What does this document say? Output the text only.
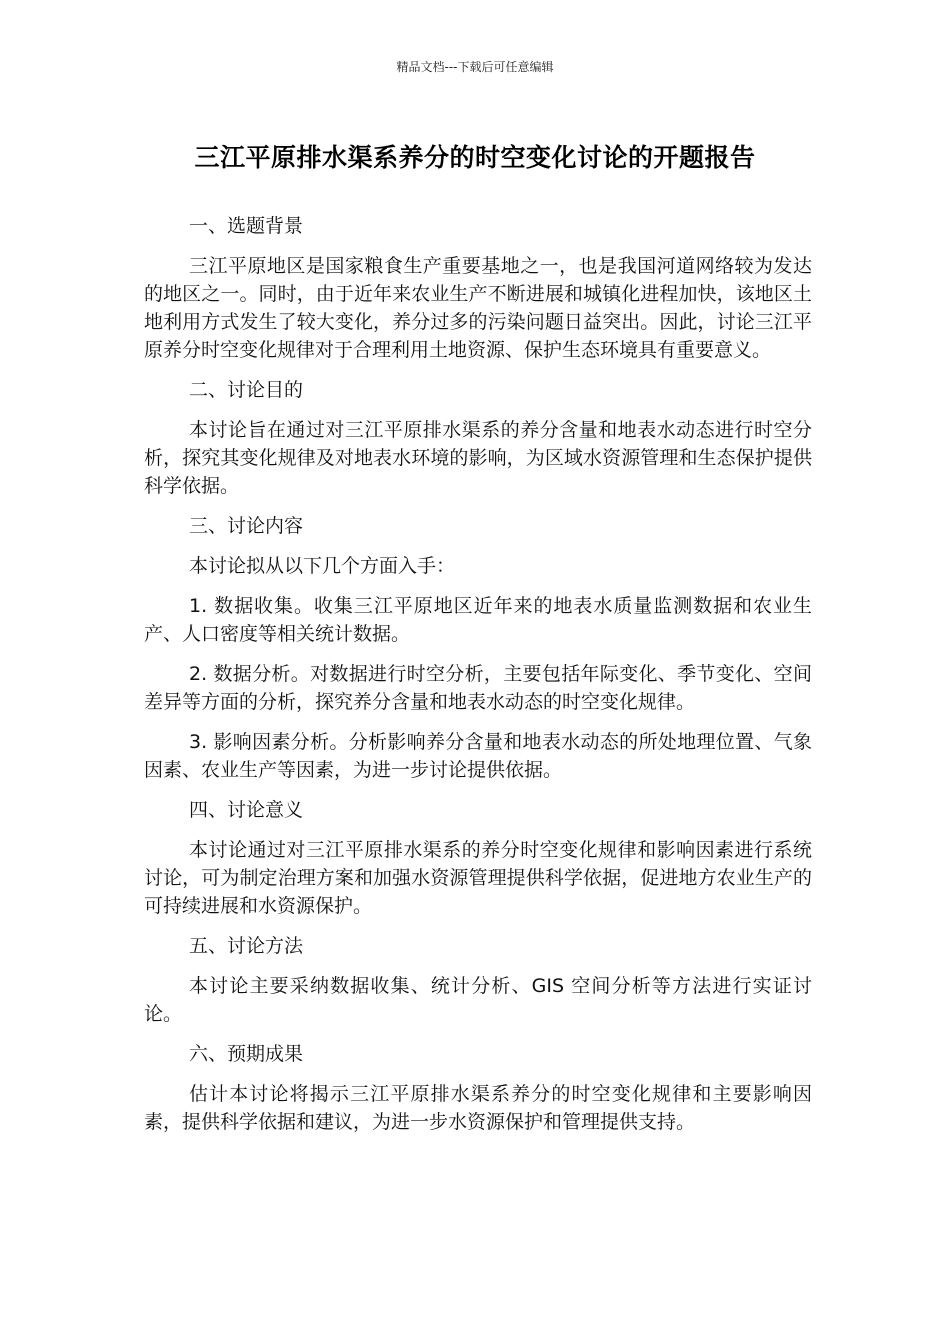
精品文档---下载后可任意编辑
三江平原排水渠系养分的时空变化讨论的开题报告

一、选题背景

三江平原地区是国家粮食生产重要基地之一，也是我国河道网络较为发达的地区之一。同时，由于近年来农业生产不断进展和城镇化进程加快，该地区土地利用方式发生了较大变化，养分过多的污染问题日益突出。因此，讨论三江平原养分时空变化规律对于合理利用土地资源、保护生态环境具有重要意义。

二、讨论目的

本讨论旨在通过对三江平原排水渠系的养分含量和地表水动态进行时空分析，探究其变化规律及对地表水环境的影响，为区域水资源管理和生态保护提供科学依据。

三、讨论内容

本讨论拟从以下几个方面入手：

1. 数据收集。收集三江平原地区近年来的地表水质量监测数据和农业生产、人口密度等相关统计数据。

2. 数据分析。对数据进行时空分析，主要包括年际变化、季节变化、空间差异等方面的分析，探究养分含量和地表水动态的时空变化规律。

3. 影响因素分析。分析影响养分含量和地表水动态的所处地理位置、气象因素、农业生产等因素，为进一步讨论提供依据。

四、讨论意义

本讨论通过对三江平原排水渠系的养分时空变化规律和影响因素进行系统讨论，可为制定治理方案和加强水资源管理提供科学依据，促进地方农业生产的可持续进展和水资源保护。

五、讨论方法

本讨论主要采纳数据收集、统计分析、GIS 空间分析等方法进行实证讨论。

六、预期成果

估计本讨论将揭示三江平原排水渠系养分的时空变化规律和主要影响因素，提供科学依据和建议，为进一步水资源保护和管理提供支持。
